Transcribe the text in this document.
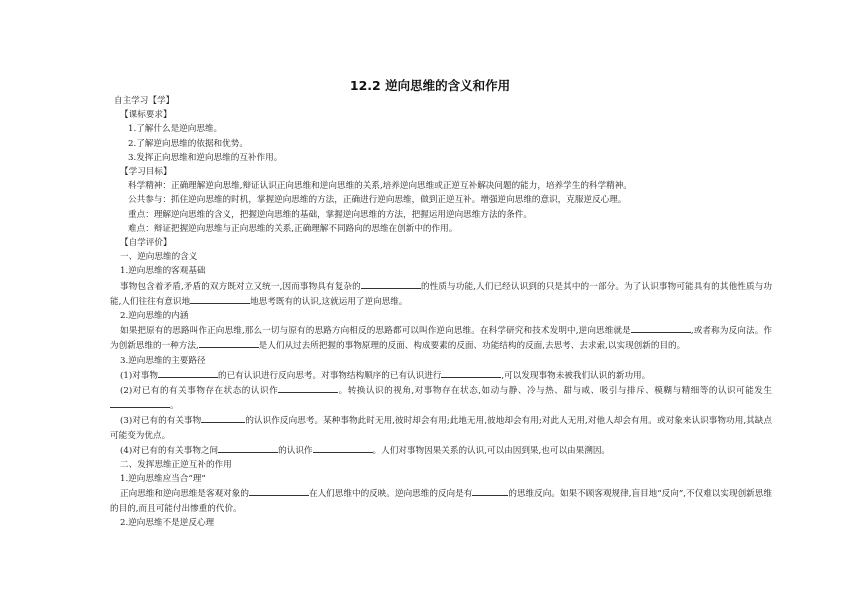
12.2 逆向思维的含义和作用

自主学习【学】

【课标要求】

1.了解什么是逆向思维。

2.了解逆向思维的依据和优势。

3.发挥正向思维和逆向思维的互补作用。

【学习目标】

科学精神：正确理解逆向思维,辩证认识正向思维和逆向思维的关系,培养逆向思维或正逆互补解决问题的能力，培养学生的科学精神。

公共参与：抓住逆向思维的时机，掌握逆向思维的方法，正确进行逆向思维，做到正逆互补。增强逆向思维的意识，克服逆反心理。

重点：理解逆向思维的含义，把握逆向思维的基础，掌握逆向思维的方法，把握运用逆向思维方法的条件。

难点：辩证把握逆向思维与正向思维的关系,正确理解不同路向的思维在创新中的作用。

【自学评价】

一、逆向思维的含义

1.逆向思维的客观基础

事物包含着矛盾,矛盾的双方既对立又统一,因而事物具有复杂的	的性质与功能,人们已经认识到的只是其中的一部分。为了认识事物可能具有的其他性质与功能,人们往往有意识地	地思考既有的认识,这就运用了逆向思维。

2.逆向思维的内涵

如果把原有的思路叫作正向思维,那么一切与原有的思路方向相反的思路都可以叫作逆向思维。在科学研究和技术发明中,逆向思维就是	,或者称为反向法。作为创新思维的一种方法,	是人们从过去所把握的事物原理的反面、构成要素的反面、功能结构的反面,去思考、去求索,以实现创新的目的。

3.逆向思维的主要路径

(1)对事物	的已有认识进行反向思考。对事物结构顺序的已有认识进行	,可以发现事物未被我们认识的新功用。

(2)对已有的有关事物存在状态的认识作	。转换认识的视角,对事物存在状态,如动与静、冷与热、甜与咸、吸引与排斥、模糊与精细等的认识可能发生。

(3)对已有的有关事物	的认识作反向思考。某种事物此时无用,彼时却会有用;此地无用,彼地却会有用;对此人无用,对他人却会有用。或对象来认识事物功用,其缺点可能变为优点。

(4)对已有的有关事物之间	的认识作	。人们对事物因果关系的认识,可以由因到果,也可以由果溯因。

二、发挥思维正逆互补的作用

1.逆向思维应当合“理”

正向思维和逆向思维是客观对象的	在人们思维中的反映。逆向思维的反向是有	的思维反向。如果不顾客观规律,盲目地“反向”,不仅难以实现创新思维的目的,而且可能付出惨重的代价。

2.逆向思维不是逆反心理
